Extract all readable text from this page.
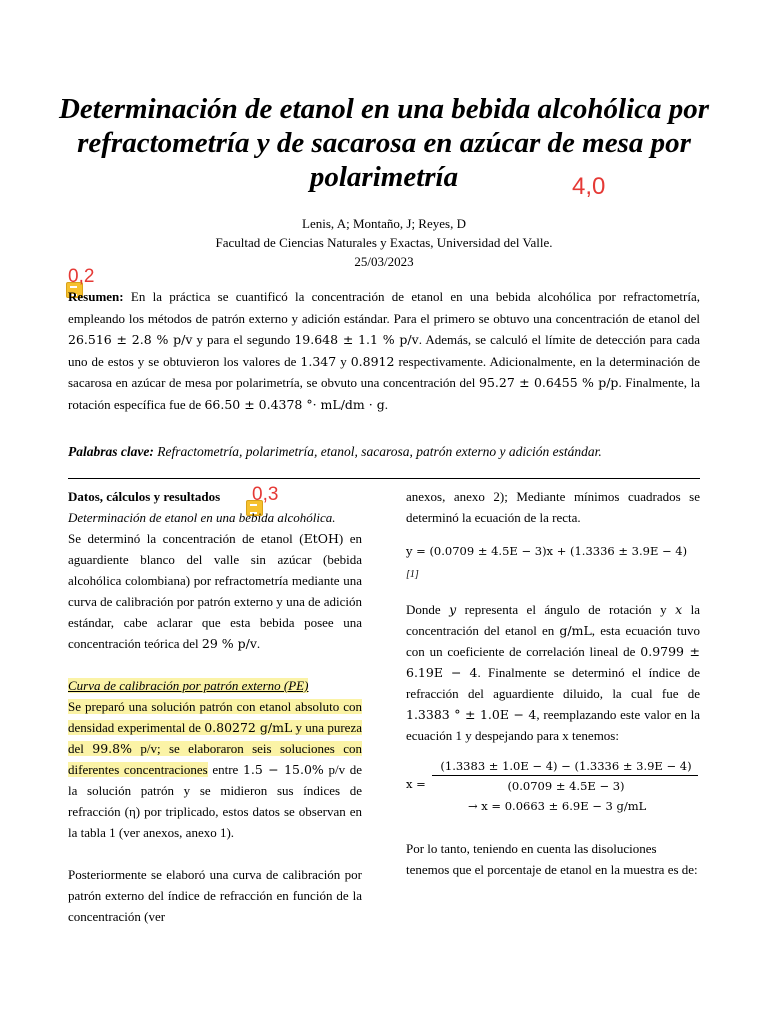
Determinación de etanol en una bebida alcohólica por refractometría y de sacarosa en azúcar de mesa por polarimetría	4,0
Lenis, A; Montaño, J; Reyes, D
Facultad de Ciencias Naturales y Exactas, Universidad del Valle.
25/03/2023
0,2
Resumen: En la práctica se cuantificó la concentración de etanol en una bebida alcohólica por refractometría, empleando los métodos de patrón externo y adición estándar. Para el primero se obtuvo una concentración de etanol del 26.516 ± 2.8 % p/v y para el segundo 19.648 ± 1.1 % p/v. Además, se calculó el límite de detección para cada uno de estos y se obtuvieron los valores de 1.347 y 0.8912 respectivamente. Adicionalmente, en la determinación de sacarosa en azúcar de mesa por polarimetría, se obvuto una concentración del 95.27 ± 0.6455 % p/p. Finalmente, la rotación específica fue de 66.50 ± 0.4378 °· mL/dm · g.
Palabras clave: Refractometría, polarimetría, etanol, sacarosa, patrón externo y adición estándar.
0,3
Datos, cálculos y resultados
Determinación de etanol en una bebida alcohólica.

Se determinó la concentración de etanol (EtOH) en aguardiente blanco del valle sin azúcar (bebida alcohólica colombiana) por refractometría mediante una curva de calibración por patrón externo y una de adición estándar, cabe aclarar que esta bebida posee una concentración teórica del 29 % p/v.

Curva de calibración por patrón externo (PE)

Se preparó una solución patrón con etanol absoluto con densidad experimental de 0.80272 g/mL y una pureza del 99.8% p/v; se elaboraron seis soluciones con diferentes concentraciones entre 1.5 − 15.0% p/v de la solución patrón y se midieron sus índices de refracción (η) por triplicado, estos datos se observan en la tabla 1 (ver anexos, anexo 1).

Posteriormente se elaboró una curva de calibración por patrón externo del índice de refracción en función de la concentración (ver

anexos, anexo 2); Mediante mínimos cuadrados se determinó la ecuación de la recta.

y = (0.0709 ± 4.5E − 3)x + (1.3336 ± 3.9E − 4) [1]

Donde y representa el ángulo de rotación y x la concentración del etanol en g/mL, esta ecuación tuvo con un coeficiente de correlación lineal de 0.9799 ± 6.19E − 4. Finalmente se determinó el índice de refracción del aguardiente diluido, la cual fue de 1.3383 ° ± 1.0E − 4, reemplazando este valor en la ecuación 1 y despejando para x tenemos:

x =
(1.3383 ± 1.0E − 4) − (1.3336 ± 3.9E − 4)
(0.0709 ± 4.5E − 3)
→ x = 0.0663 ± 6.9E − 3 g/mL

Por lo tanto, teniendo en cuenta las disoluciones tenemos que el porcentaje de etanol en la muestra es de:
